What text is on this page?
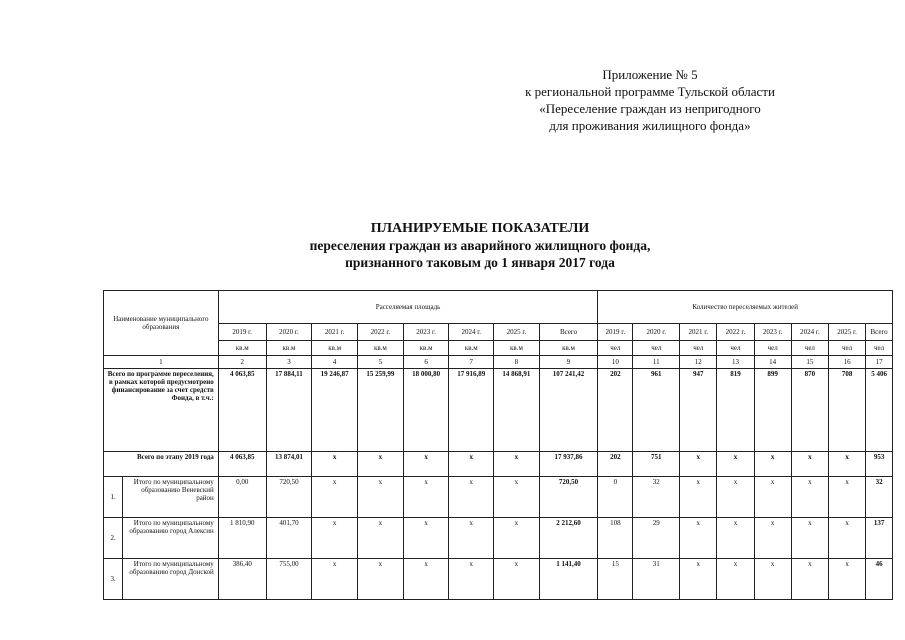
Приложение № 5
к региональной программе Тульской области
«Переселение граждан из непригодного
для проживания жилищного фонда»
ПЛАНИРУЕМЫЕ ПОКАЗАТЕЛИ
переселения граждан из аварийного жилищного фонда,
признанного таковым до 1 января 2017 года
Наименование муниципального образования		Расселяемая площадь								Количество переселяемых жителей							
		2019 г.	2020 г.	2021 г.	2022 г.	2023 г.	2024 г.	2025 г.	Всего	2019 г.	2020 г.	2021 г.	2022 г.	2023 г.	2024 г.	2025 г.	Всего
		кв.м	кв.м	кв.м	кв.м	кв.м	кв.м	кв.м	кв.м	чел	чел	чел	чел	чел	чел	чел	чел
1		2	3	4	5	6	7	8	9	10	11	12	13	14	15	16	17
Всего по программе переселения, в рамках которой предусмотрено финансирование за счет средств Фонда, в т.ч.:		4 063,85	17 884,11	19 246,87	15 259,99	18 000,80	17 916,89	14 868,91	107 241,42	202	961	947	819	899	870	708	5 406
Всего по этапу 2019 года		4 063,85	13 874,01	x	x	x	x	x	17 937,86	202	751	x	x	x	x	x	953
1.	Итого по муниципальному образованию Веневский район	0,00	720,50	x	x	x	x	x	720,50	0	32	x	x	x	x	x	32
2.	Итого по муниципальному образованию город Алексин	1 810,90	401,70	x	x	x	x	x	2 212,60	108	29	x	x	x	x	x	137
3.	Итого по муниципальному образованию город Донской	386,40	755,00	x	x	x	x	x	1 141,40	15	31	x	x	x	x	x	46
